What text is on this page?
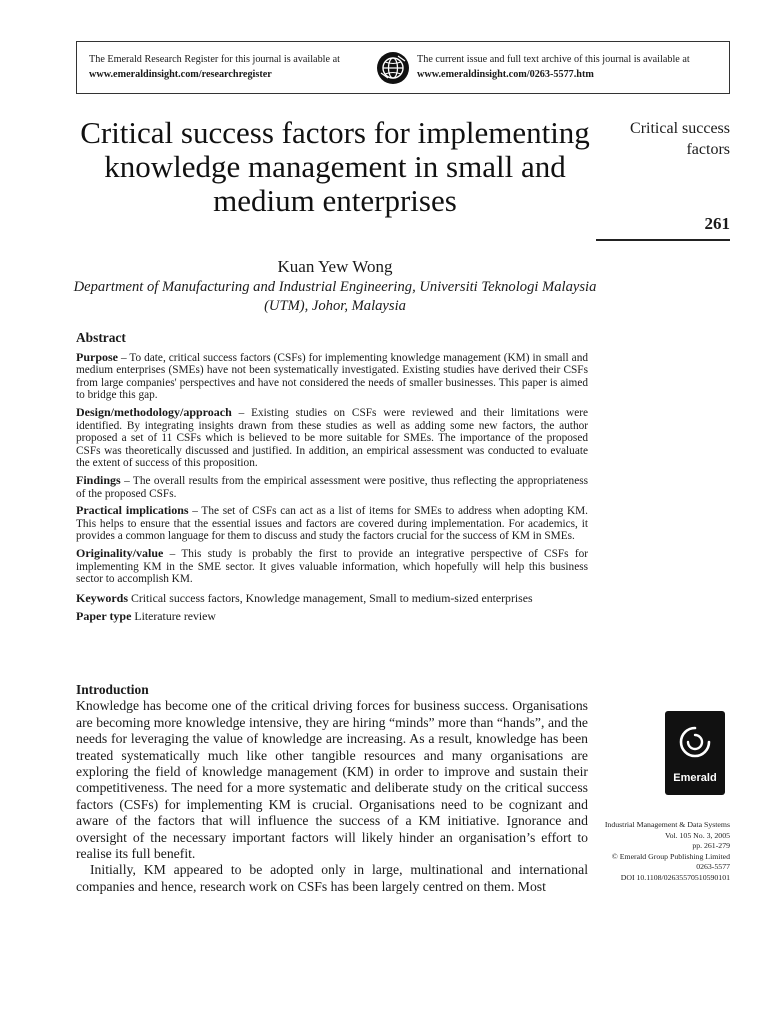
The Emerald Research Register for this journal is available at
www.emeraldinsight.com/researchregister
The current issue and full text archive of this journal is available at
www.emeraldinsight.com/0263-5577.htm
Critical success factors for implementing knowledge management in small and medium enterprises
Kuan Yew Wong
Department of Manufacturing and Industrial Engineering, Universiti Teknologi Malaysia (UTM), Johor, Malaysia
Critical success factors
261
Abstract

Purpose – To date, critical success factors (CSFs) for implementing knowledge management (KM) in small and medium enterprises (SMEs) have not been systematically investigated. Existing studies have derived their CSFs from large companies' perspectives and have not considered the needs of smaller businesses. This paper is aimed to bridge this gap.

Design/methodology/approach – Existing studies on CSFs were reviewed and their limitations were identified. By integrating insights drawn from these studies as well as adding some new factors, the author proposed a set of 11 CSFs which is believed to be more suitable for SMEs. The importance of the proposed CSFs was theoretically discussed and justified. In addition, an empirical assessment was conducted to evaluate the extent of success of this proposition.

Findings – The overall results from the empirical assessment were positive, thus reflecting the appropriateness of the proposed CSFs.

Practical implications – The set of CSFs can act as a list of items for SMEs to address when adopting KM. This helps to ensure that the essential issues and factors are covered during implementation. For academics, it provides a common language for them to discuss and study the factors crucial for the success of KM in SMEs.

Originality/value – This study is probably the first to provide an integrative perspective of CSFs for implementing KM in the SME sector. It gives valuable information, which hopefully will help this business sector to accomplish KM.

Keywords Critical success factors, Knowledge management, Small to medium-sized enterprises

Paper type Literature review

Introduction

Knowledge has become one of the critical driving forces for business success. Organisations are becoming more knowledge intensive, they are hiring “minds” more than “hands”, and the needs for leveraging the value of knowledge are increasing. As a result, knowledge has been treated systematically much like other tangible resources and many organisations are exploring the field of knowledge management (KM) in order to improve and sustain their competitiveness. The need for a more systematic and deliberate study on the critical success factors (CSFs) for implementing KM is crucial. Organisations need to be cognizant and aware of the factors that will influence the success of a KM initiative. Ignorance and oversight of the necessary important factors will likely hinder an organisation’s effort to realise its full benefit.

Initially, KM appeared to be adopted only in large, multinational and international companies and hence, research work on CSFs has been largely centred on them. Most

Emerald
Industrial Management & Data Systems
Vol. 105 No. 3, 2005
pp. 261-279
© Emerald Group Publishing Limited
0263-5577
DOI 10.1108/02635570510590101
